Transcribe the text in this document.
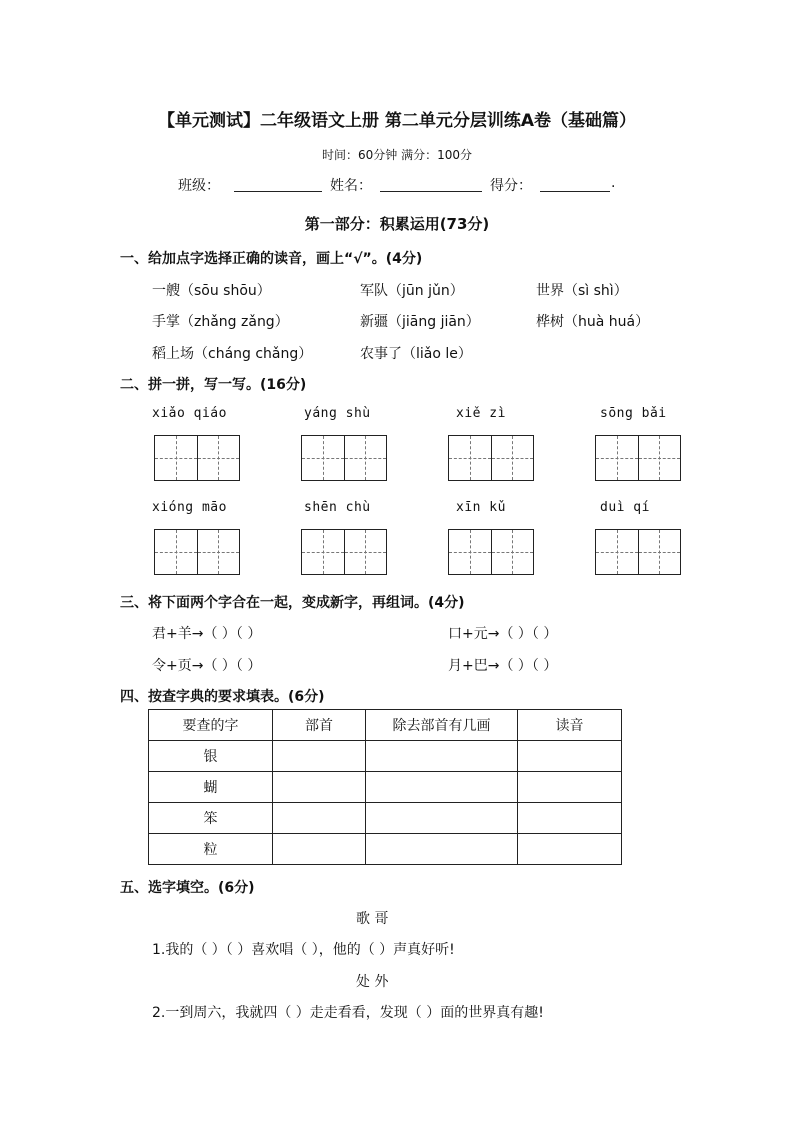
【单元测试】二年级语文上册 第二单元分层训练A卷（基础篇）
时间：60分钟 满分：100分
班级：	姓名：	得分：	.
第一部分：积累运用(73分)
一、给加点字选择正确的读音，画上“√”。(4分)
一艘（sōu shōu）	军队（jūn jǔn）	世界（sì shì）
手掌（zhǎng zǎng）	新疆（jiāng jiān）	桦树（huà huá）
稻上场（cháng chǎng）	农事了（liǎo le）
二、拼一拼，写一写。(16分)
xiǎo qiáo	yáng shù	xiě zì	sōng bǎi
xióng māo	shēn chù	xīn kǔ	duì qí
三、将下面两个字合在一起，变成新字，再组词。(4分)
君+羊→（ ）（ ）	口+元→（ ）（ ）
令+页→（ ）（ ）	月+巴→（ ）（ ）
四、按查字典的要求填表。(6分)
要查的字	部首	除去部首有几画	读音
银			
蝴			
笨			
粒			
五、选字填空。(6分)
歌 哥
1.我的（ ）（ ）喜欢唱（ ），他的（ ）声真好听!
处 外
2.一到周六，我就四（ ）走走看看，发现（ ）面的世界真有趣!
